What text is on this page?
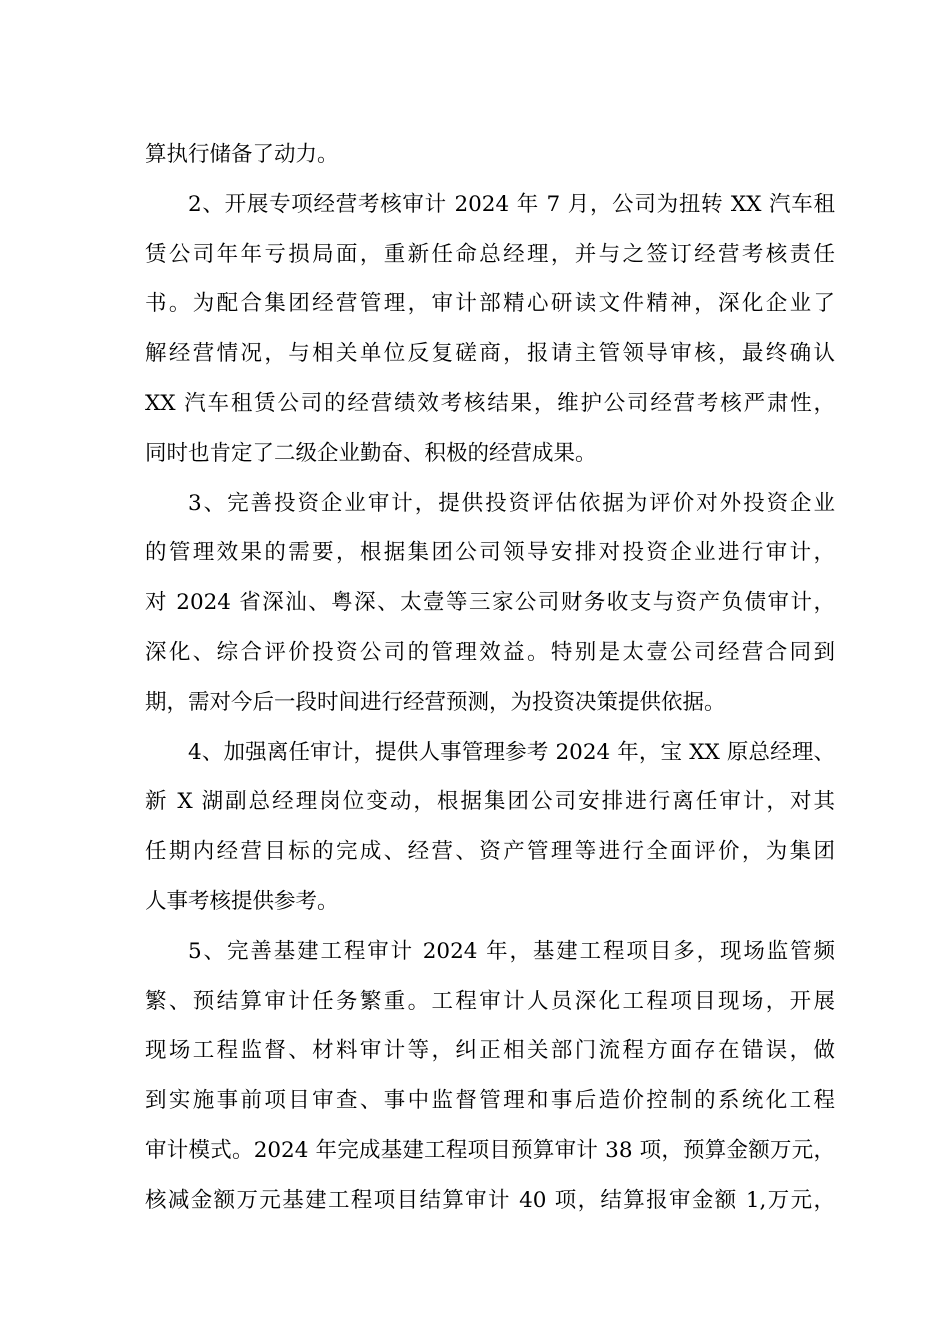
算执行储备了动力。
2、开展专项经营考核审计 2024 年 7 月，公司为扭转 XX 汽车租
赁公司年年亏损局面，重新任命总经理，并与之签订经营考核责任
书。为配合集团经营管理，审计部精心研读文件精神，深化企业了
解经营情况，与相关单位反复磋商，报请主管领导审核，最终确认
XX 汽车租赁公司的经营绩效考核结果，维护公司经营考核严肃性，
同时也肯定了二级企业勤奋、积极的经营成果。
3、完善投资企业审计，提供投资评估依据为评价对外投资企业
的管理效果的需要，根据集团公司领导安排对投资企业进行审计，
对 2024 省深汕、粤深、太壹等三家公司财务收支与资产负债审计，
深化、综合评价投资公司的管理效益。特别是太壹公司经营合同到
期，需对今后一段时间进行经营预测，为投资决策提供依据。
4、加强离任审计，提供人事管理参考 2024 年，宝 XX 原总经理、
新 X 湖副总经理岗位变动，根据集团公司安排进行离任审计，对其
任期内经营目标的完成、经营、资产管理等进行全面评价，为集团
人事考核提供参考。
5、完善基建工程审计 2024 年，基建工程项目多，现场监管频
繁、预结算审计任务繁重。工程审计人员深化工程项目现场，开展
现场工程监督、材料审计等，纠正相关部门流程方面存在错误，做
到实施事前项目审查、事中监督管理和事后造价控制的系统化工程
审计模式。2024 年完成基建工程项目预算审计 38 项，预算金额万元，
核减金额万元基建工程项目结算审计 40 项，结算报审金额 1,万元，
